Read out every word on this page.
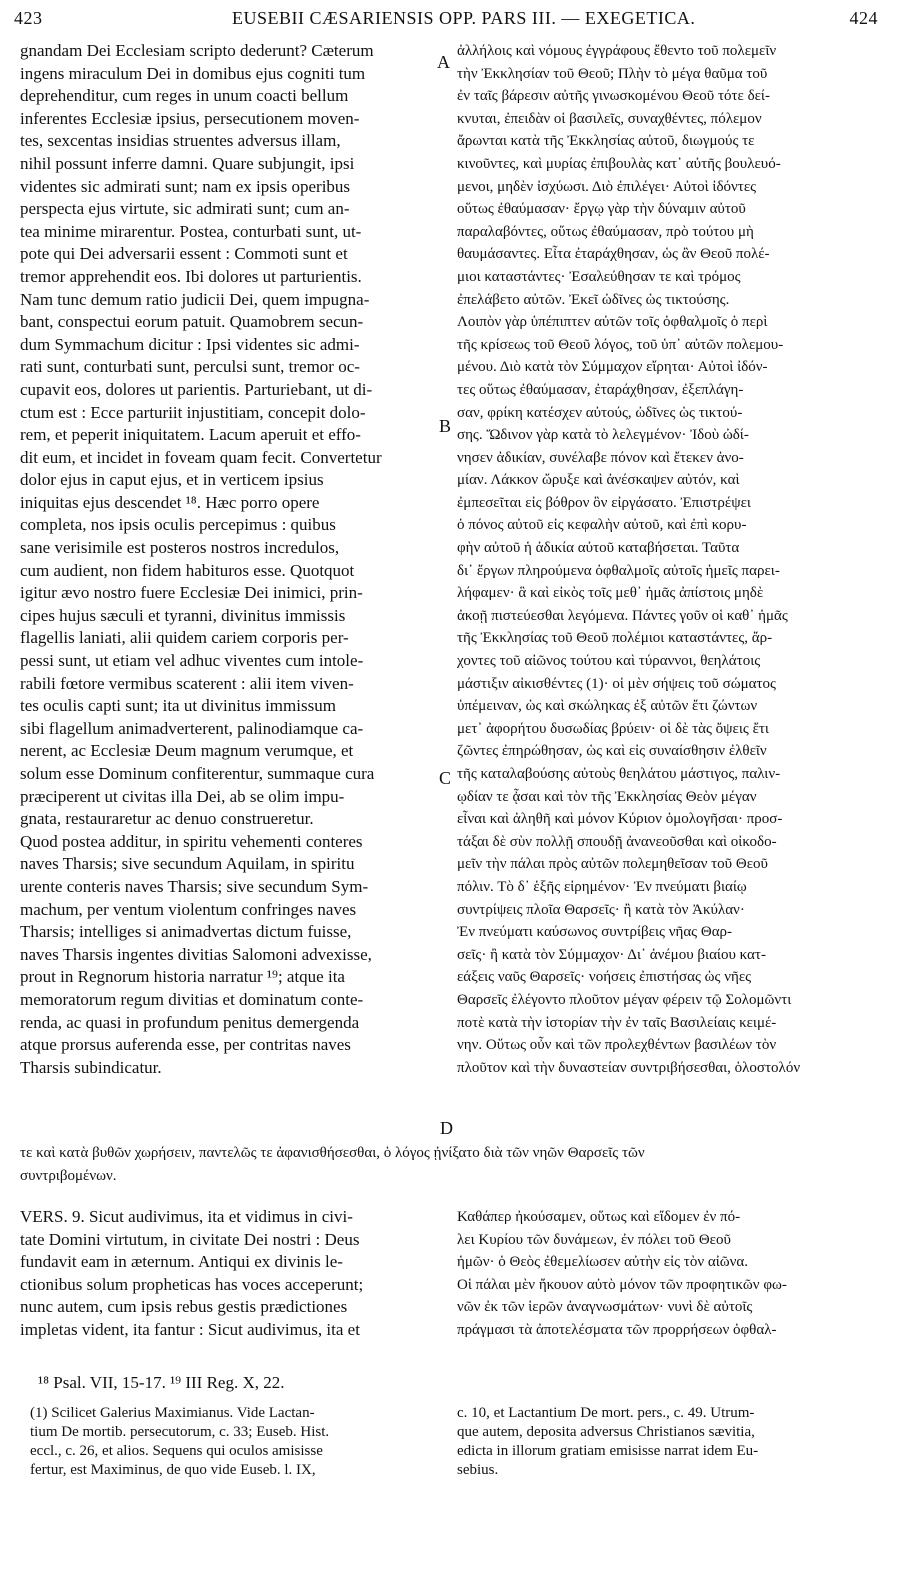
423	EUSEBII CÆSARIENSIS OPP. PARS III. — EXEGETICA.	424
gnandam Dei Ecclesiam scripto dederunt? Cæterum
ingens miraculum Dei in domibus ejus cogniti tum
deprehenditur, cum reges in unum coacti bellum
inferentes Ecclesiæ ipsius, persecutionem moven-
tes, sexcentas insidias struentes adversus illam,
nihil possunt inferre damni. Quare subjungit, ipsi
videntes sic admirati sunt; nam ex ipsis operibus
perspecta ejus virtute, sic admirati sunt; cum an-
tea minime mirarentur. Postea, conturbati sunt, ut-
pote qui Dei adversarii essent : Commoti sunt et
tremor apprehendit eos. Ibi dolores ut parturientis.
Nam tunc demum ratio judicii Dei, quem impugna-
bant, conspectui eorum patuit. Quamobrem secun-
dum Symmachum dicitur : Ipsi videntes sic admi-
rati sunt, conturbati sunt, perculsi sunt, tremor oc-
cupavit eos, dolores ut parientis. Parturiebant, ut di-
ctum est : Ecce parturiit injustitiam, concepit dolo-
rem, et peperit iniquitatem. Lacum aperuit et effo-
dit eum, et incidet in foveam quam fecit. Convertetur
dolor ejus in caput ejus, et in verticem ipsius
iniquitas ejus descendet ¹⁸. Hæc porro opere
completa, nos ipsis oculis percepimus : quibus
sane verisimile est posteros nostros incredulos,
cum audient, non fidem habituros esse. Quotquot
igitur ævo nostro fuere Ecclesiæ Dei inimici, prin-
cipes hujus sæculi et tyranni, divinitus immissis
flagellis laniati, alii quidem cariem corporis per-
pessi sunt, ut etiam vel adhuc viventes cum intole-
rabili fœtore vermibus scaterent : alii item viven-
tes oculis capti sunt; ita ut divinitus immissum
sibi flagellum animadverterent, palinodiamque ca-
nerent, ac Ecclesiæ Deum magnum verumque, et
solum esse Dominum confiterentur, summaque cura
præciperent ut civitas illa Dei, ab se olim impu-
gnata, restauraretur ac denuo construeretur.
Quod postea additur, in spiritu vehementi conteres
naves Tharsis; sive secundum Aquilam, in spiritu
urente conteris naves Tharsis; sive secundum Sym-
machum, per ventum violentum confringes naves
Tharsis; intelliges si animadvertas dictum fuisse,
naves Tharsis ingentes divitias Salomoni advexisse,
prout in Regnorum historia narratur ¹⁹; atque ita
memoratorum regum divitias et dominatum conte-
renda, ac quasi in profundum penitus demergenda
atque prorsus auferenda esse, per contritas naves
Tharsis subindicatur.
ἀλλήλοις καὶ νόμους ἐγγράφους ἔθεντο τοῦ πολεμεῖν
τὴν Ἐκκλησίαν τοῦ Θεοῦ; Πλὴν τὸ μέγα θαῦμα τοῦ
ἐν ταῖς βάρεσιν αὐτῆς γινωσκομένου Θεοῦ τότε δεί-
κνυται, ἐπειδὰν οἱ βασιλεῖς, συναχθέντες, πόλεμον
ἄρωνται κατὰ τῆς Ἐκκλησίας αὐτοῦ, διωγμούς τε
κινοῦντες, καὶ μυρίας ἐπιβουλὰς κατ᾽ αὐτῆς βουλευό-
μενοι, μηδὲν ἰσχύωσι. Διὸ ἐπιλέγει· Αὐτοὶ ἰδόντες
οὕτως ἐθαύμασαν· ἔργῳ γὰρ τὴν δύναμιν αὐτοῦ
παραλαβόντες, οὕτως ἐθαύμασαν, πρὸ τούτου μὴ
θαυμάσαντες. Εἶτα ἐταράχθησαν, ὡς ἂν Θεοῦ πολέ-
μιοι καταστάντες· Ἐσαλεύθησαν τε καὶ τρόμος
ἐπελάβετο αὐτῶν. Ἐκεῖ ὠδῖνες ὡς τικτούσης.
Λοιπὸν γὰρ ὑπέπιπτεν αὐτῶν τοῖς ὀφθαλμοῖς ὁ περὶ
τῆς κρίσεως τοῦ Θεοῦ λόγος, τοῦ ὑπ᾽ αὐτῶν πολεμου-
μένου. Διὸ κατὰ τὸν Σύμμαχον εἴρηται· Αὐτοὶ ἰδόν-
τες οὕτως ἐθαύμασαν, ἐταράχθησαν, ἐξεπλάγη-
σαν, φρίκη κατέσχεν αὐτούς, ὠδῖνες ὡς τικτού-
σης. Ὤδινον γὰρ κατὰ τὸ λελεγμένον· Ἰδοὺ ὠδί-
νησεν ἀδικίαν, συνέλαβε πόνον καὶ ἔτεκεν ἀνο-
μίαν. Λάκκον ὤρυξε καὶ ἀνέσκαψεν αὐτόν, καὶ
ἐμπεσεῖται εἰς βόθρον ὃν εἰργάσατο. Ἐπιστρέψει
ὁ πόνος αὐτοῦ εἰς κεφαλὴν αὐτοῦ, καὶ ἐπὶ κορυ-
φὴν αὐτοῦ ἡ ἀδικία αὐτοῦ καταβήσεται. Ταῦτα
δι᾽ ἔργων πληρούμενα ὀφθαλμοῖς αὐτοῖς ἡμεῖς παρει-
λήφαμεν· ἃ καὶ εἰκὸς τοῖς μεθ᾽ ἡμᾶς ἀπίστοις μηδὲ
ἀκοῇ πιστεύεσθαι λεγόμενα. Πάντες γοῦν οἱ καθ᾽ ἡμᾶς
τῆς Ἐκκλησίας τοῦ Θεοῦ πολέμιοι καταστάντες, ἄρ-
χοντες τοῦ αἰῶνος τούτου καὶ τύραννοι, θεηλάτοις
μάστιξιν αἰκισθέντες (1)· οἱ μὲν σήψεις τοῦ σώματος
ὑπέμειναν, ὡς καὶ σκώληκας ἐξ αὐτῶν ἔτι ζώντων
μετ᾽ ἀφορήτου δυσωδίας βρύειν· οἱ δὲ τὰς ὄψεις ἔτι
ζῶντες ἐπηρώθησαν, ὡς καὶ εἰς συναίσθησιν ἐλθεῖν
τῆς καταλαβούσης αὐτοὺς θεηλάτου μάστιγος, παλιν-
ῳδίαν τε ᾆσαι καὶ τὸν τῆς Ἐκκλησίας Θεὸν μέγαν
εἶναι καὶ ἀληθῆ καὶ μόνον Κύριον ὁμολογῆσαι· προσ-
τάξαι δὲ σὺν πολλῇ σπουδῇ ἀνανεοῦσθαι καὶ οἰκοδο-
μεῖν τὴν πάλαι πρὸς αὐτῶν πολεμηθεῖσαν τοῦ Θεοῦ
πόλιν. Τὸ δ᾽ ἑξῆς εἰρημένον· Ἐν πνεύματι βιαίῳ
συντρίψεις πλοῖα Θαρσεῖς· ἢ κατὰ τὸν Ἀκύλαν·
Ἐν πνεύματι καύσωνος συντρίβεις νῆας Θαρ-
σεῖς· ἢ κατὰ τὸν Σύμμαχον· Δι᾽ ἀνέμου βιαίου κατ-
εάξεις ναῦς Θαρσεῖς· νοήσεις ἐπιστήσας ὡς νῆες
Θαρσεῖς ἐλέγοντο πλοῦτον μέγαν φέρειν τῷ Σολομῶντι
ποτὲ κατὰ τὴν ἱστορίαν τὴν ἐν ταῖς Βασιλείαις κειμέ-
νην. Οὕτως οὖν καὶ τῶν προλεχθέντων βασιλέων τὸν
πλοῦτον καὶ τὴν δυναστείαν συντριβήσεσθαι, ὁλοστολόν
A
B
C
D
τε καὶ κατὰ βυθῶν χωρήσειν, παντελῶς τε ἀφανισθήσεσθαι, ὁ λόγος ᾐνίξατο διὰ τῶν νηῶν Θαρσεῖς τῶν
συντριβομένων.
VERS. 9. Sicut audivimus, ita et vidimus in civi-
tate Domini virtutum, in civitate Dei nostri : Deus
fundavit eam in æternum. Antiqui ex divinis le-
ctionibus solum propheticas has voces acceperunt;
nunc autem, cum ipsis rebus gestis prædictiones
impletas vident, ita fantur : Sicut audivimus, ita et
Καθάπερ ἠκούσαμεν, οὕτως καὶ εἴδομεν ἐν πό-
λει Κυρίου τῶν δυνάμεων, ἐν πόλει τοῦ Θεοῦ
ἡμῶν· ὁ Θεὸς ἐθεμελίωσεν αὐτὴν εἰς τὸν αἰῶνα.
Οἱ πάλαι μὲν ἤκουον αὐτὸ μόνον τῶν προφητικῶν φω-
νῶν ἐκ τῶν ἱερῶν ἀναγνωσμάτων· νυνὶ δὲ αὐτοῖς
πράγμασι τὰ ἀποτελέσματα τῶν προρρήσεων ὀφθαλ-
¹⁸ Psal. VII, 15-17. ¹⁹ III Reg. X, 22.
(1) Scilicet Galerius Maximianus. Vide Lactan-
tium De mortib. persecutorum, c. 33; Euseb. Hist.
eccl., c. 26, et alios. Sequens qui oculos amisisse
fertur, est Maximinus, de quo vide Euseb. l. IX,
c. 10, et Lactantium De mort. pers., c. 49. Utrum-
que autem, deposita adversus Christianos sævitia,
edicta in illorum gratiam emisisse narrat idem Eu-
sebius.
